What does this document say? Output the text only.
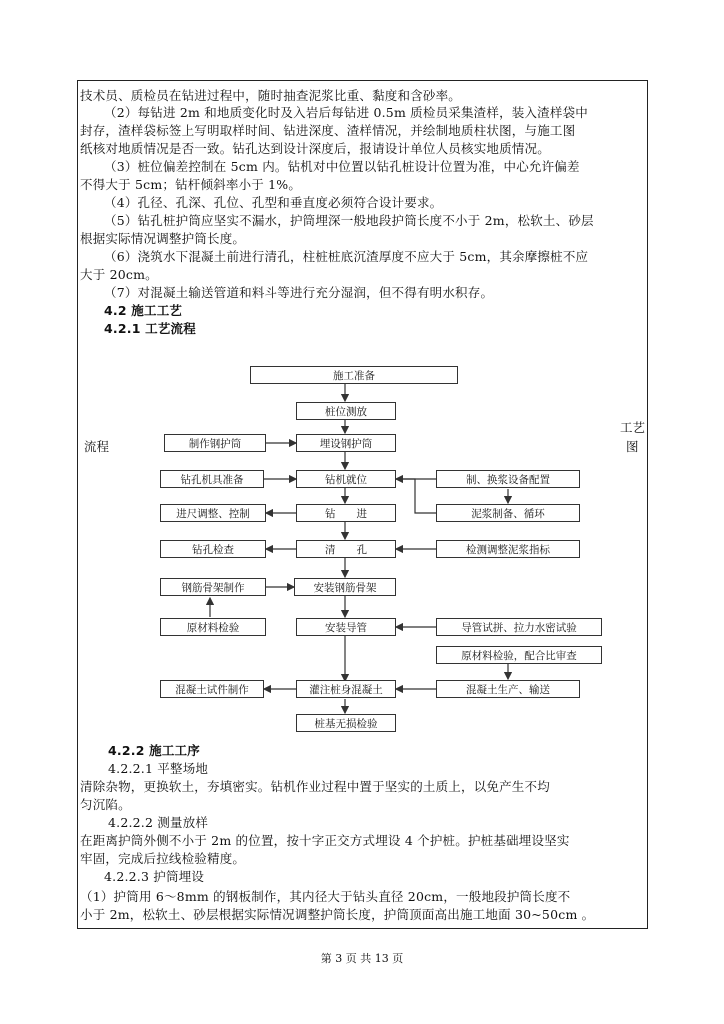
技术员、质检员在钻进过程中，随时抽查泥浆比重、黏度和含砂率。
（2）每钻进 2m 和地质变化时及入岩后每钻进 0.5m 质检员采集渣样，装入渣样袋中
封存，渣样袋标签上写明取样时间、钻进深度、渣样情况，并绘制地质柱状图，与施工图
纸核对地质情况是否一致。钻孔达到设计深度后，报请设计单位人员核实地质情况。
（3）桩位偏差控制在 5cm 内。钻机对中位置以钻孔桩设计位置为准，中心允许偏差
不得大于 5cm；钻杆倾斜率小于 1%。
（4）孔径、孔深、孔位、孔型和垂直度必须符合设计要求。
（5）钻孔桩护筒应坚实不漏水，护筒埋深一般地段护筒长度不小于 2m，松软土、砂层
根据实际情况调整护筒长度。
（6）浇筑水下混凝土前进行清孔，柱桩桩底沉渣厚度不应大于 5cm，其余摩擦桩不应
大于 20cm。
（7）对混凝土输送管道和料斗等进行充分湿润，但不得有明水积存。
4.2 施工工艺
4.2.1 工艺流程
流程
工艺
图
施工准备
桩位测放
埋设钢护筒
钻机就位
钻　　进
清　　孔
安装钢筋骨架
安装导管
灌注桩身混凝土
桩基无损检验
制作钢护筒
钻孔机具准备
进尺调整、控制
钻孔检查
钢筋骨架制作
原材料检验
混凝土试件制作
制、换浆设备配置
泥浆制备、循环
检测调整泥浆指标
导管试拼、拉力水密试验
原材料检验，配合比审查
混凝土生产、输送
4.2.2 施工工序
4.2.2.1 平整场地
清除杂物，更换软土，夯填密实。钻机作业过程中置于坚实的土质上，以免产生不均
匀沉陷。
4.2.2.2 测量放样
在距离护筒外侧不小于 2m 的位置，按十字正交方式埋设 4 个护桩。护桩基础埋设坚实
牢固，完成后拉线检验精度。
4.2.2.3 护筒埋设
（1）护筒用 6～8mm 的钢板制作，其内径大于钻头直径 20cm，一般地段护筒长度不
小于 2m，松软土、砂层根据实际情况调整护筒长度，护筒顶面高出施工地面 30~50cm 。
第 3 页 共 13 页
